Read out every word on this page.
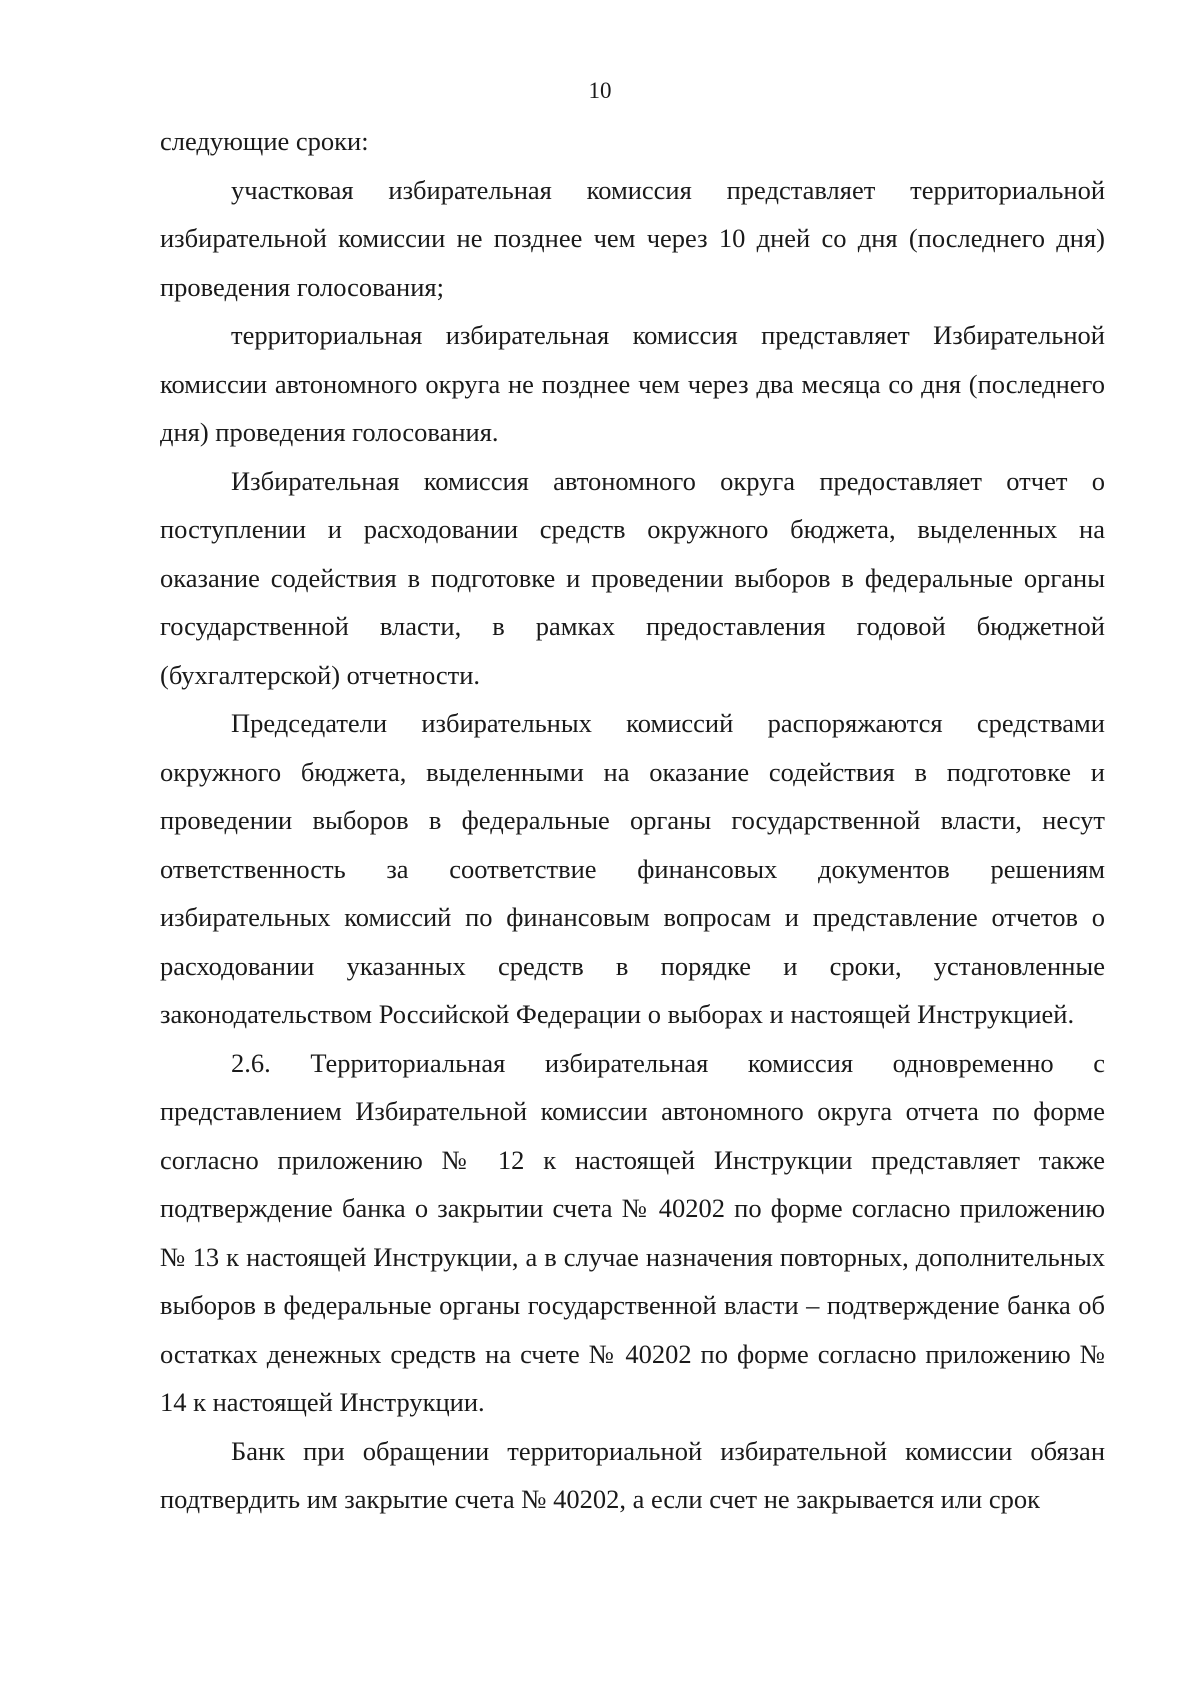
10

следующие сроки:

участковая избирательная комиссия представляет территориальной избирательной комиссии не позднее чем через 10 дней со дня (последнего дня) проведения голосования;

территориальная избирательная комиссия представляет Избирательной комиссии автономного округа не позднее чем через два месяца со дня (последнего дня) проведения голосования.

Избирательная комиссия автономного округа предоставляет отчет о поступлении и расходовании средств окружного бюджета, выделенных на оказание содействия в подготовке и проведении выборов в федеральные органы государственной власти, в рамках предоставления годовой бюджетной (бухгалтерской) отчетности.

Председатели избирательных комиссий распоряжаются средствами окружного бюджета, выделенными на оказание содействия в подготовке и проведении выборов в федеральные органы государственной власти, несут ответственность за соответствие финансовых документов решениям избирательных комиссий по финансовым вопросам и представление отчетов о расходовании указанных средств в порядке и сроки, установленные законодательством Российской Федерации о выборах и настоящей Инструкцией.

2.6. Территориальная избирательная комиссия одновременно с представлением Избирательной комиссии автономного округа отчета по форме согласно приложению № 12 к настоящей Инструкции представляет также подтверждение банка о закрытии счета № 40202 по форме согласно приложению № 13 к настоящей Инструкции, а в случае назначения повторных, дополнительных выборов в федеральные органы государственной власти – подтверждение банка об остатках денежных средств на счете № 40202 по форме согласно приложению № 14 к настоящей Инструкции.

Банк при обращении территориальной избирательной комиссии обязан подтвердить им закрытие счета № 40202, а если счет не закрывается или срок
